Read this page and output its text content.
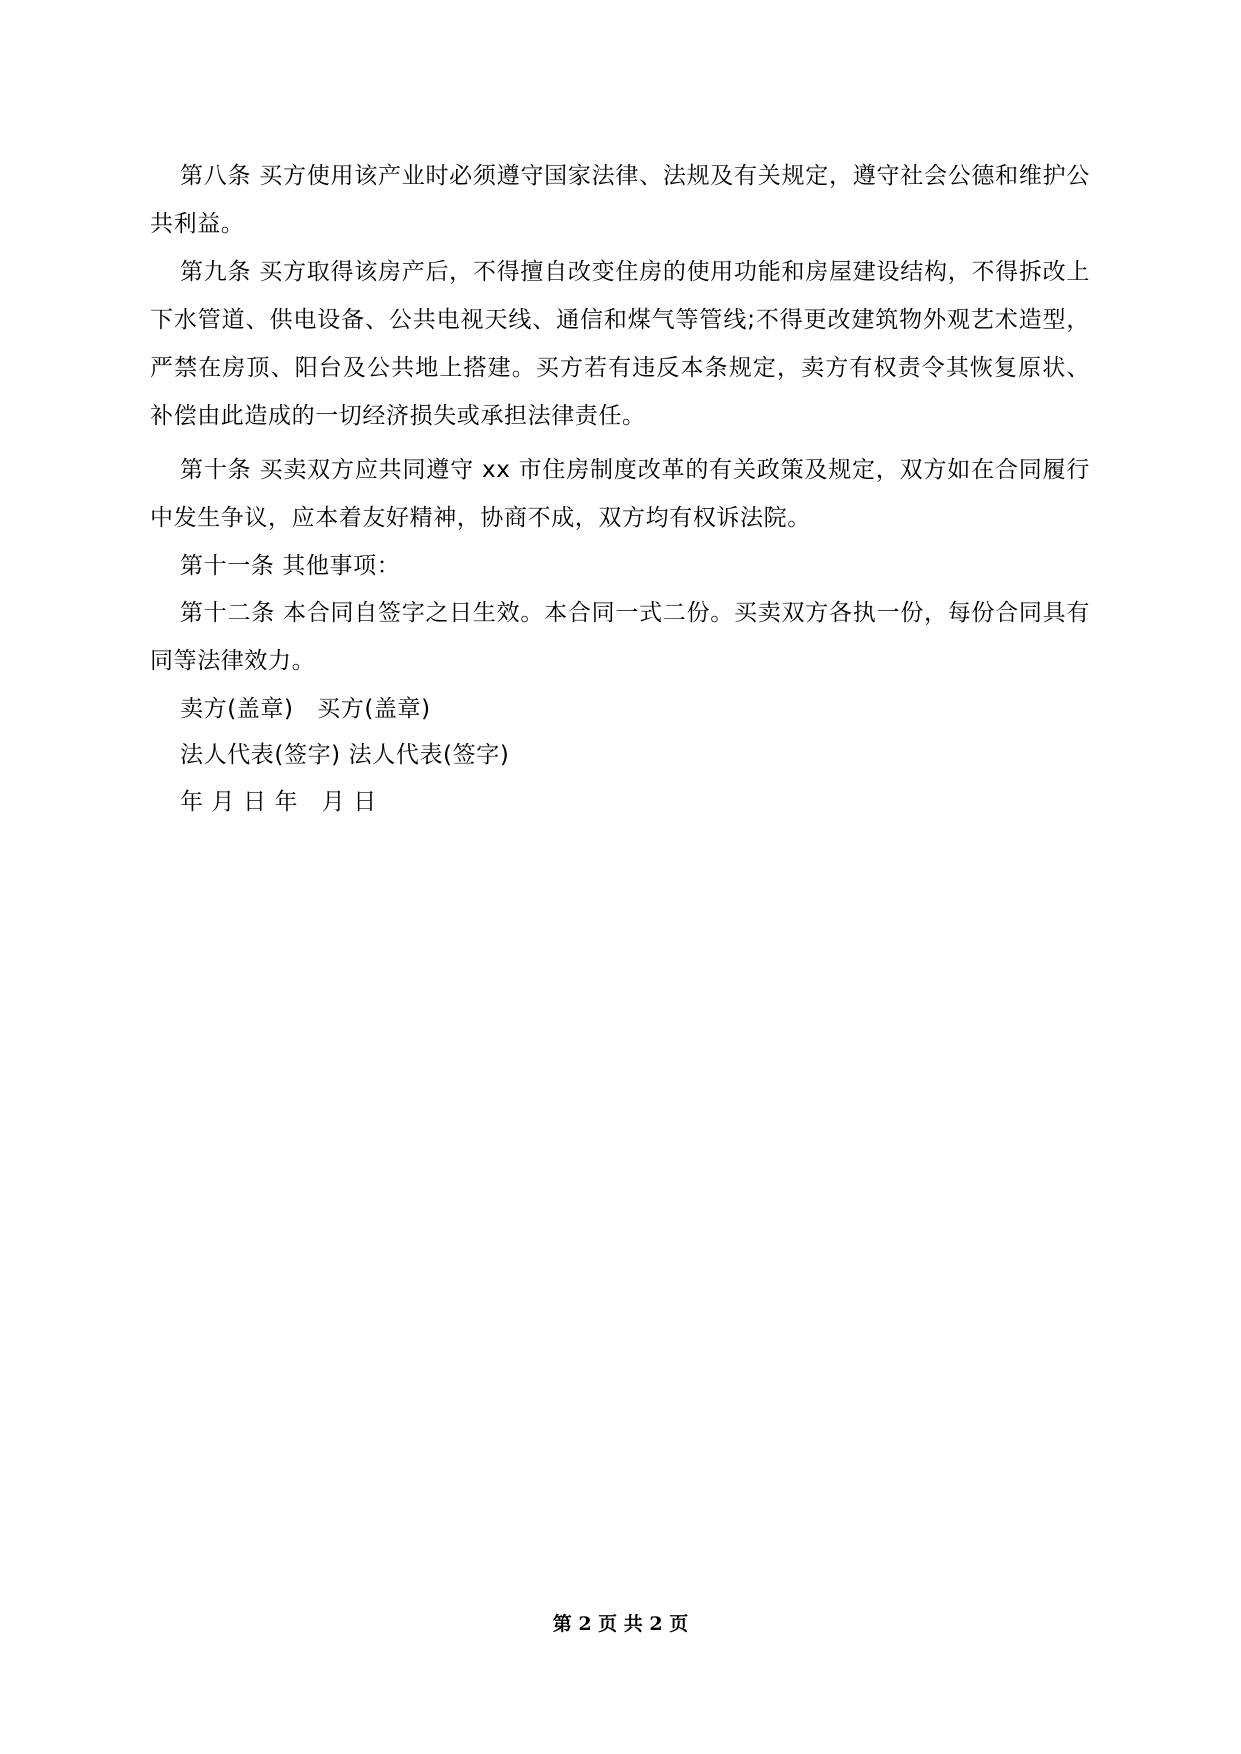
第八条 买方使用该产业时必须遵守国家法律、法规及有关规定，遵守社会公德和维护公共利益。

第九条 买方取得该房产后，不得擅自改变住房的使用功能和房屋建设结构，不得拆改上下水管道、供电设备、公共电视天线、通信和煤气等管线;不得更改建筑物外观艺术造型，严禁在房顶、阳台及公共地上搭建。买方若有违反本条规定，卖方有权责令其恢复原状、补偿由此造成的一切经济损失或承担法律责任。

第十条 买卖双方应共同遵守 xx 市住房制度改革的有关政策及规定，双方如在合同履行中发生争议，应本着友好精神，协商不成，双方均有权诉法院。

第十一条 其他事项：

第十二条 本合同自签字之日生效。本合同一式二份。买卖双方各执一份，每份合同具有同等法律效力。

卖方(盖章)　买方(盖章)

法人代表(签字) 法人代表(签字)

年 月 日 年　月 日

第 2 页 共 2 页
